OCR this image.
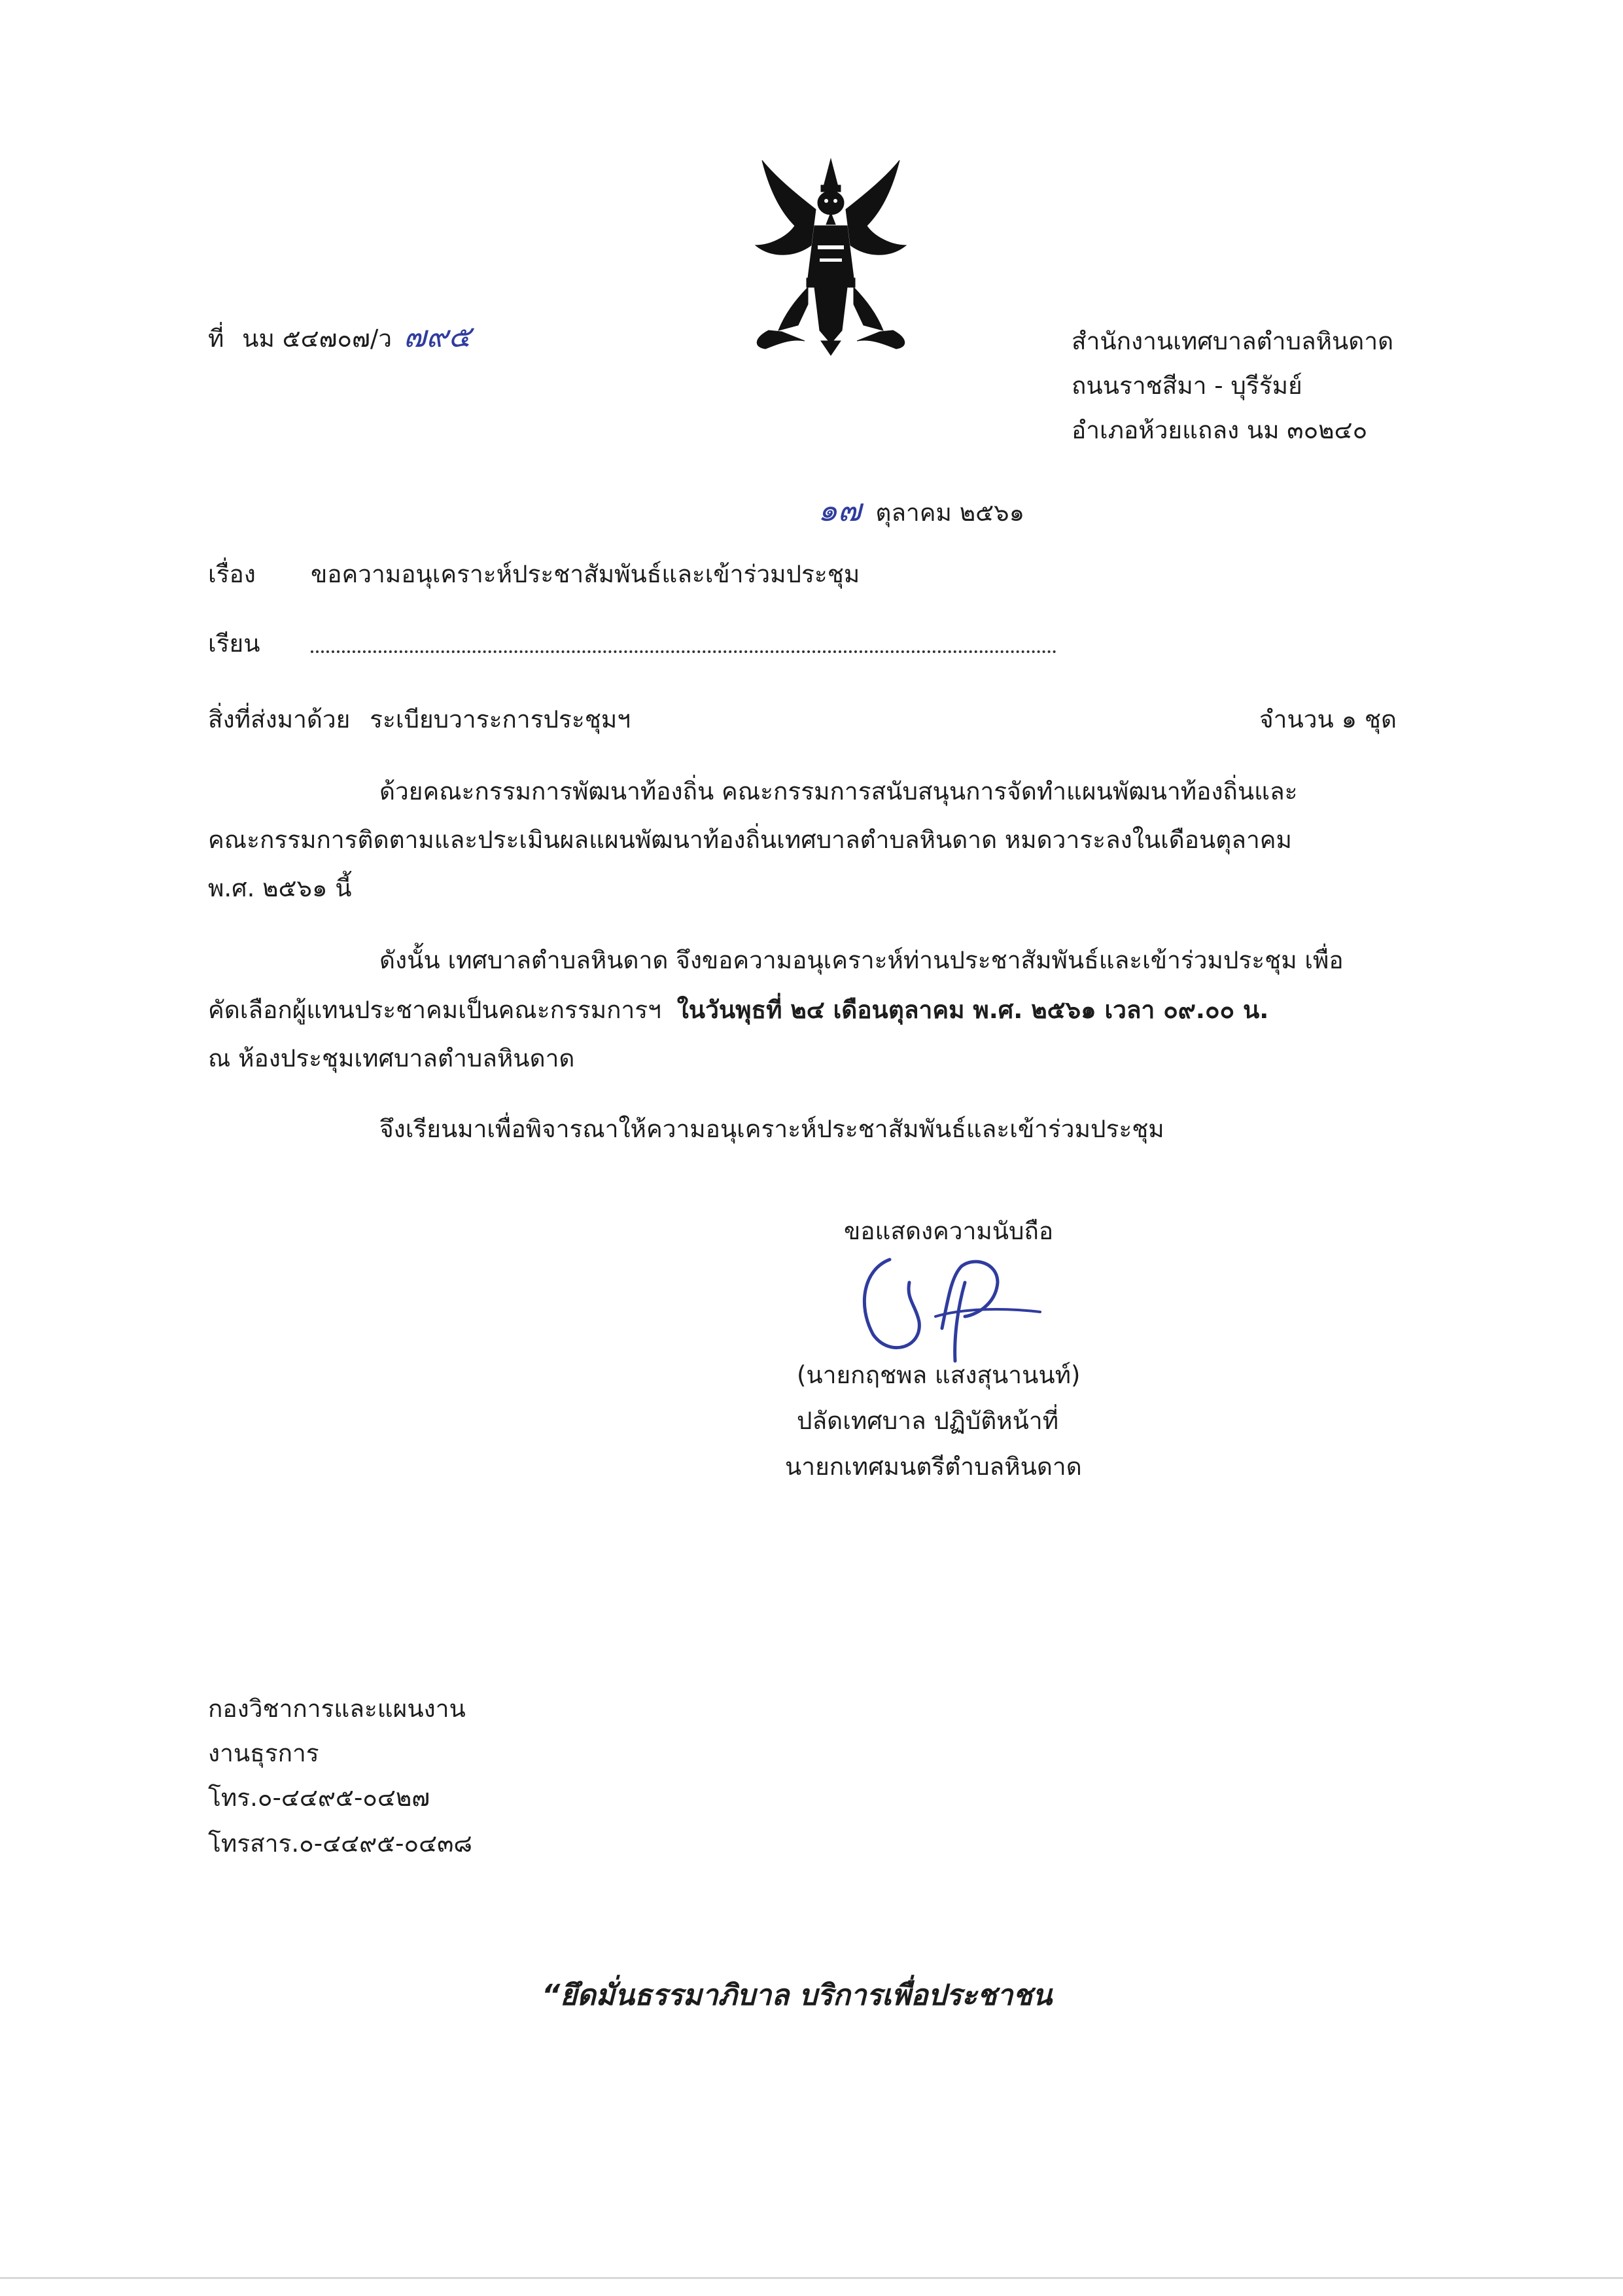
ที่ นม ๕๔๗๐๗/ว ๗๙๕	สำนักงานเทศบาลตำบลหินดาด
ถนนราชสีมา - บุรีรัมย์
อำเภอห้วยแถลง นม ๓๐๒๔๐
๑๗ ตุลาคม ๒๕๖๑
เรื่อง ขอความอนุเคราะห์ประชาสัมพันธ์และเข้าร่วมประชุม
เรียน
สิ่งที่ส่งมาด้วย ระเบียบวาระการประชุมฯ	จำนวน ๑ ชุด
ด้วยคณะกรรมการพัฒนาท้องถิ่น คณะกรรมการสนับสนุนการจัดทำแผนพัฒนาท้องถิ่นและ
คณะกรรมการติดตามและประเมินผลแผนพัฒนาท้องถิ่นเทศบาลตำบลหินดาด หมดวาระลงในเดือนตุลาคม
พ.ศ. ๒๕๖๑ นี้
ดังนั้น เทศบาลตำบลหินดาด จึงขอความอนุเคราะห์ท่านประชาสัมพันธ์และเข้าร่วมประชุม เพื่อ
คัดเลือกผู้แทนประชาคมเป็นคณะกรรมการฯ ในวันพุธที่ ๒๔ เดือนตุลาคม พ.ศ. ๒๕๖๑ เวลา ๐๙.๐๐ น.
ณ ห้องประชุมเทศบาลตำบลหินดาด
จึงเรียนมาเพื่อพิจารณาให้ความอนุเคราะห์ประชาสัมพันธ์และเข้าร่วมประชุม
ขอแสดงความนับถือ
(นายกฤชพล แสงสุนานนท์)
ปลัดเทศบาล ปฏิบัติหน้าที่
นายกเทศมนตรีตำบลหินดาด
กองวิชาการและแผนงาน
งานธุรการ
โทร.๐-๔๔๙๕-๐๔๒๗
โทรสาร.๐-๔๔๙๕-๐๔๓๘
“ยึดมั่นธรรมาภิบาล บริการเพื่อประชาชน
